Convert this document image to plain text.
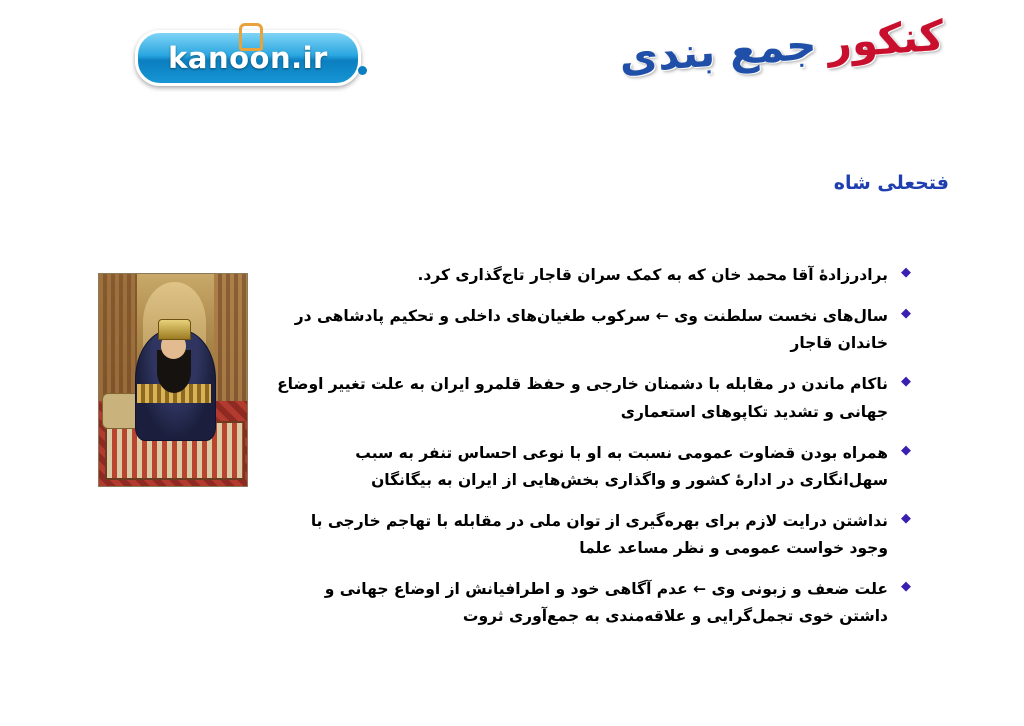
kanoon.ir	کنکور جمع بندی
فتحعلی شاه
◆
برادرزادۀ آقا محمد خان که به کمک سران قاجار تاج‌گذاری کرد.
◆
سال‌های نخست سلطنت وی ← سرکوب طغیان‌های داخلی و تحکیم پادشاهی در خاندان قاجار
◆
ناکام ماندن در مقابله با دشمنان خارجی و حفظ قلمرو ایران به علت تغییر اوضاع جهانی و تشدید تکاپوهای استعماری
◆
همراه بودن قضاوت عمومی نسبت به او با نوعی احساس تنفر به سبب سهل‌انگاری در ادارۀ کشور و واگذاری بخش‌هایی از ایران به بیگانگان
◆
نداشتن درایت لازم برای بهره‌گیری از توان ملی در مقابله با تهاجم خارجی با وجود خواست عمومی و نظر مساعد علما
◆
علت ضعف و زبونی وی ← عدم آگاهی خود و اطرافیانش از اوضاع جهانی و داشتن خوی تجمل‌گرایی و علاقه‌مندی به جمع‌آوری ثروت
